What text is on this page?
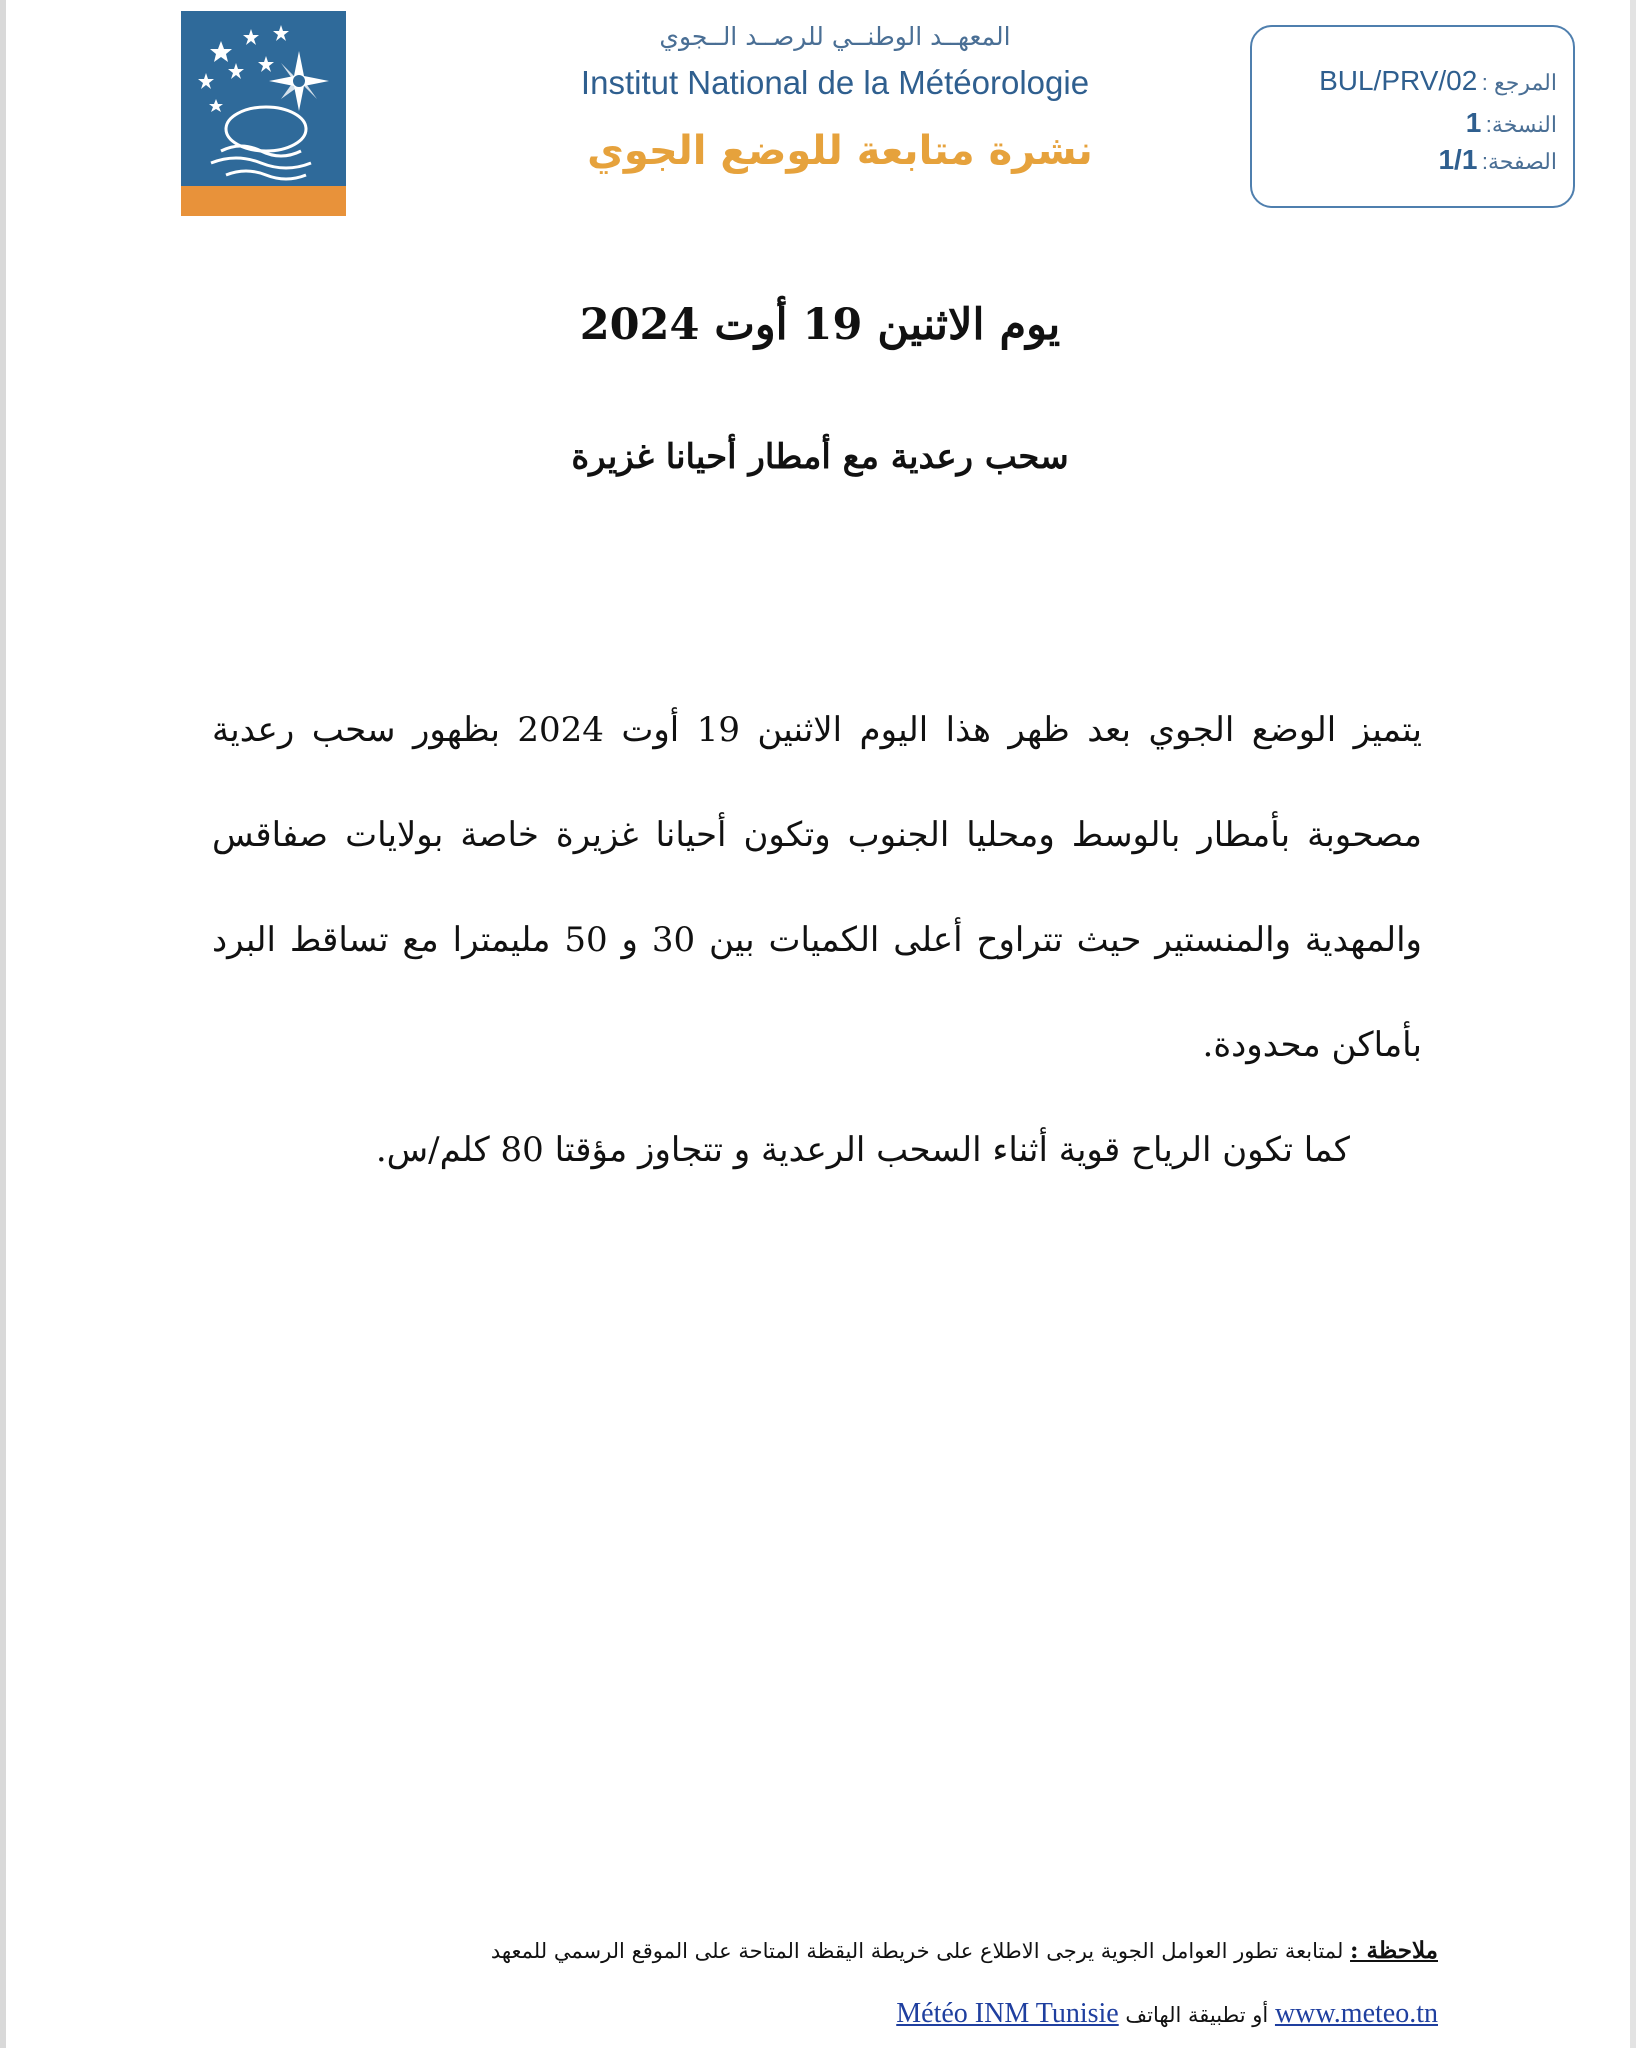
المعهــد الوطنــي للرصــد الــجوي
Institut National de la Météorologie
نشرة متابعة للوضع الجوي
المرجع : BUL/PRV/02
النسخة: 1
الصفحة: 1/1
يوم الاثنين 19 أوت 2024
سحب رعدية مع أمطار أحيانا غزيرة
يتميز الوضع الجوي بعد ظهر هذا اليوم الاثنين 19 أوت 2024 بظهور سحب رعدية مصحوبة بأمطار بالوسط ومحليا الجنوب وتكون أحيانا غزيرة خاصة بولايات صفاقس والمهدية والمنستير حيث تتراوح أعلى الكميات بين 30 و 50 مليمترا مع تساقط البرد بأماكن محدودة.
كما تكون الرياح قوية أثناء السحب الرعدية و تتجاوز مؤقتا 80 كلم/س.
ملاحظة : لمتابعة تطور العوامل الجوية يرجى الاطلاع على خريطة اليقظة المتاحة على الموقع الرسمي للمعهد
www.meteo.tn أو تطبيقة الهاتف Météo INM Tunisie
